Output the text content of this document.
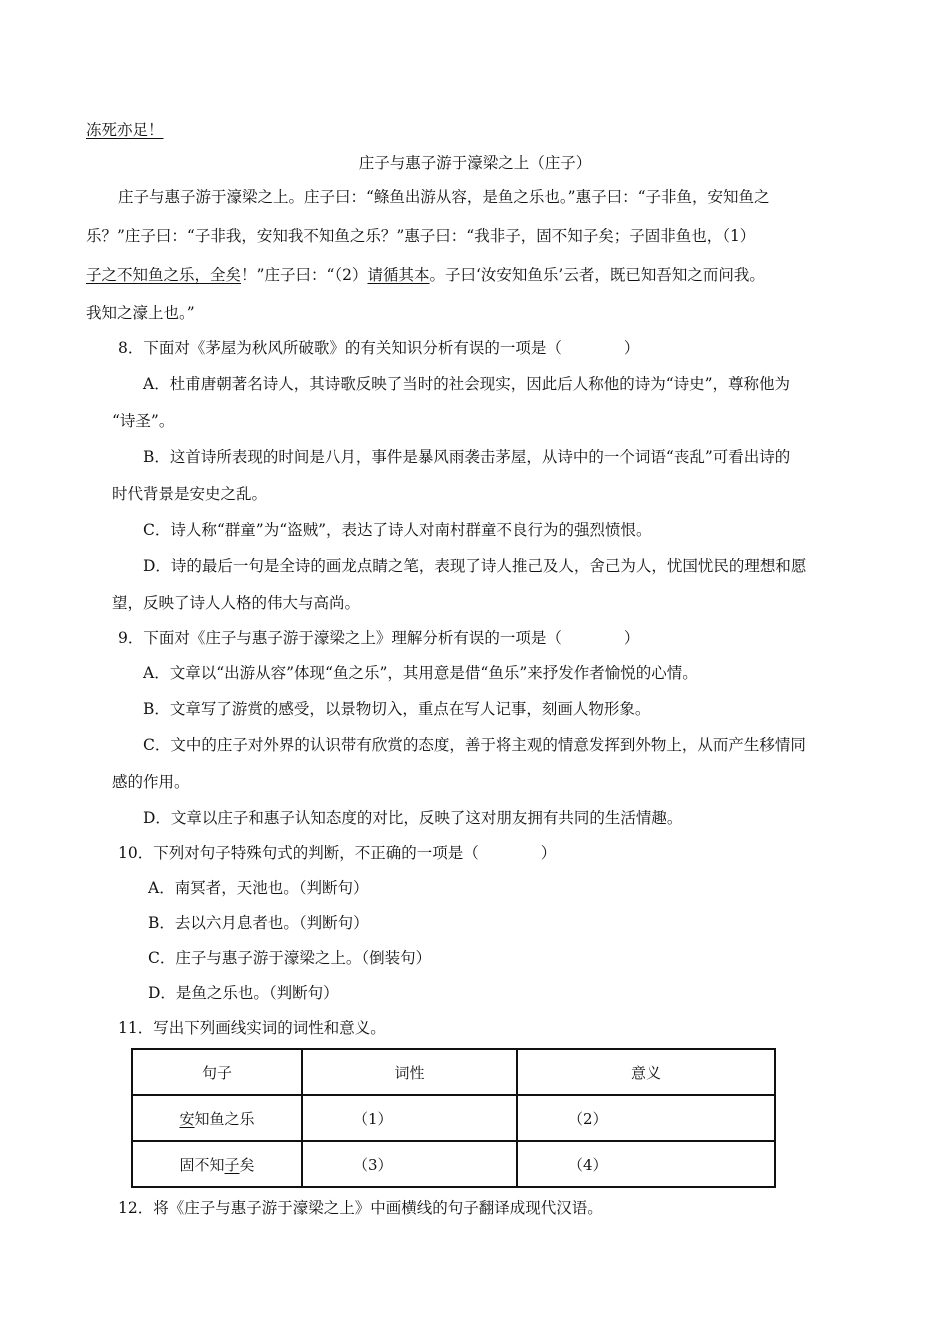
冻死亦足！
庄子与惠子游于濠梁之上（庄子）
庄子与惠子游于濠梁之上。庄子曰：“鲦鱼出游从容，是鱼之乐也。”惠子曰：“子非鱼，安知鱼之
乐？”庄子曰：“子非我，安知我不知鱼之乐？”惠子曰：“我非子，固不知子矣；子固非鱼也，（1）
子之不知鱼之乐，全矣！”庄子曰：“（2）请循其本。子曰‘汝安知鱼乐’云者，既已知吾知之而问我。
我知之濠上也。”
8．下面对《茅屋为秋风所破歌》的有关知识分析有误的一项是（　　　　）
A．杜甫唐朝著名诗人，其诗歌反映了当时的社会现实，因此后人称他的诗为“诗史”，尊称他为
“诗圣”。
B．这首诗所表现的时间是八月，事件是暴风雨袭击茅屋，从诗中的一个词语“丧乱”可看出诗的
时代背景是安史之乱。
C．诗人称“群童”为“盗贼”，表达了诗人对南村群童不良行为的强烈愤恨。
D．诗的最后一句是全诗的画龙点睛之笔，表现了诗人推己及人，舍己为人，忧国忧民的理想和愿
望，反映了诗人人格的伟大与高尚。
9．下面对《庄子与惠子游于濠梁之上》理解分析有误的一项是（　　　　）
A．文章以“出游从容”体现“鱼之乐”，其用意是借“鱼乐”来抒发作者愉悦的心情。
B．文章写了游赏的感受，以景物切入，重点在写人记事，刻画人物形象。
C．文中的庄子对外界的认识带有欣赏的态度，善于将主观的情意发挥到外物上，从而产生移情同
感的作用。
D．文章以庄子和惠子认知态度的对比，反映了这对朋友拥有共同的生活情趣。
10．下列对句子特殊句式的判断，不正确的一项是（　　　　）
A．南冥者，天池也。（判断句）
B．去以六月息者也。（判断句）
C．庄子与惠子游于濠梁之上。（倒装句）
D．是鱼之乐也。（判断句）
11．写出下列画线实词的词性和意义。
句子	词性	意义
安知鱼之乐	（1）	（2）
固不知子矣	（3）	（4）
12．将《庄子与惠子游于濠梁之上》中画横线的句子翻译成现代汉语。
